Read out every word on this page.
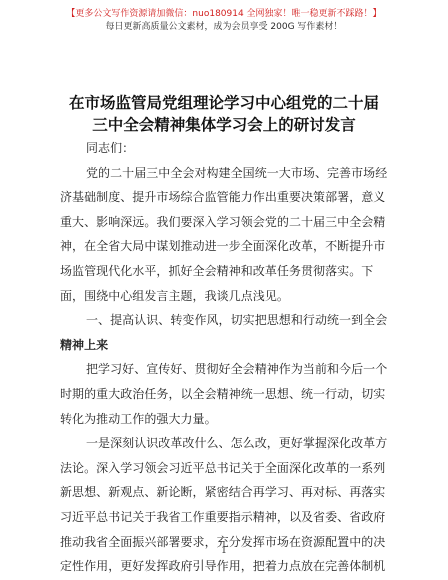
【更多公文写作资源请加微信：nuo180914 全网独家！唯一稳更新不踩路！】
每日更新高质量公文素材，成为会员享受 200G 写作素材！
在市场监管局党组理论学习中心组党的二十届
三中全会精神集体学习会上的研讨发言
同志们：
党的二十届三中全会对构建全国统一大市场、完善市场经
济基础制度、提升市场综合监管能力作出重要决策部署，意义
重大、影响深远。我们要深入学习领会党的二十届三中全会精
神，在全省大局中谋划推动进一步全面深化改革，不断提升市
场监管现代化水平，抓好全会精神和改革任务贯彻落实。下
面，围绕中心组发言主题，我谈几点浅见。
一、提高认识、转变作风，切实把思想和行动统一到全会
精神上来
把学习好、宣传好、贯彻好全会精神作为当前和今后一个
时期的重大政治任务，以全会精神统一思想、统一行动，切实
转化为推动工作的强大力量。
一是深刻认识改革改什么、怎么改，更好掌握深化改革方
法论。深入学习领会习近平总书记关于全面深化改革的一系列
新思想、新观点、新论断，紧密结合再学习、再对标、再落实
习近平总书记关于我省工作重要指示精神，以及省委、省政府
推动我省全面振兴部署要求，充分发挥市场在资源配置中的决
定性作用，更好发挥政府引导作用，把着力点放在完善体制机
1
